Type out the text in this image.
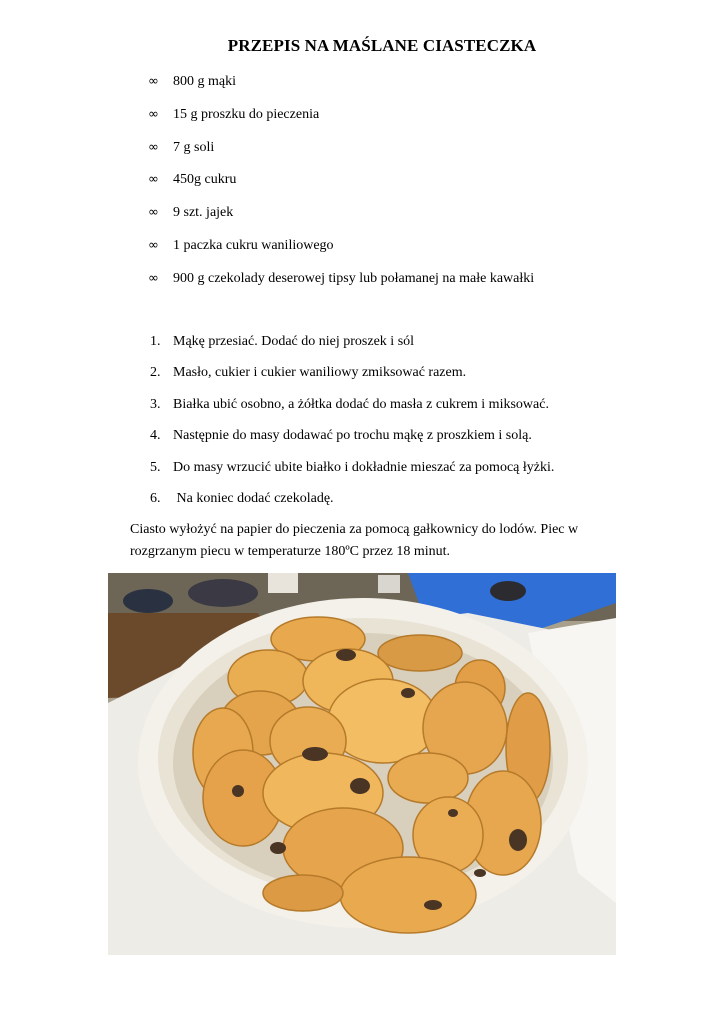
PRZEPIS NA MAŚLANE CIASTECZKA
∞	800 g mąki
∞	15 g proszku do pieczenia
∞	7 g soli
∞	450g cukru
∞	9 szt. jajek
∞	1 paczka cukru waniliowego
∞	900 g czekolady deserowej tipsy lub połamanej na małe kawałki
1. Mąkę przesiać. Dodać do niej proszek i sól
2. Masło, cukier i cukier waniliowy zmiksować razem.
3. Białka ubić osobno, a żółtka dodać do masła z cukrem i miksować.
4. Następnie do masy dodawać po trochu mąkę z proszkiem i solą.
5. Do masy wrzucić ubite białko i dokładnie mieszać za pomocą łyżki.
6. Na koniec dodać czekoladę.

Ciasto wyłożyć na papier do pieczenia za pomocą gałkownicy do lodów. Piec w
rozgrzanym piecu w temperaturze 180ºC przez 18 minut.
